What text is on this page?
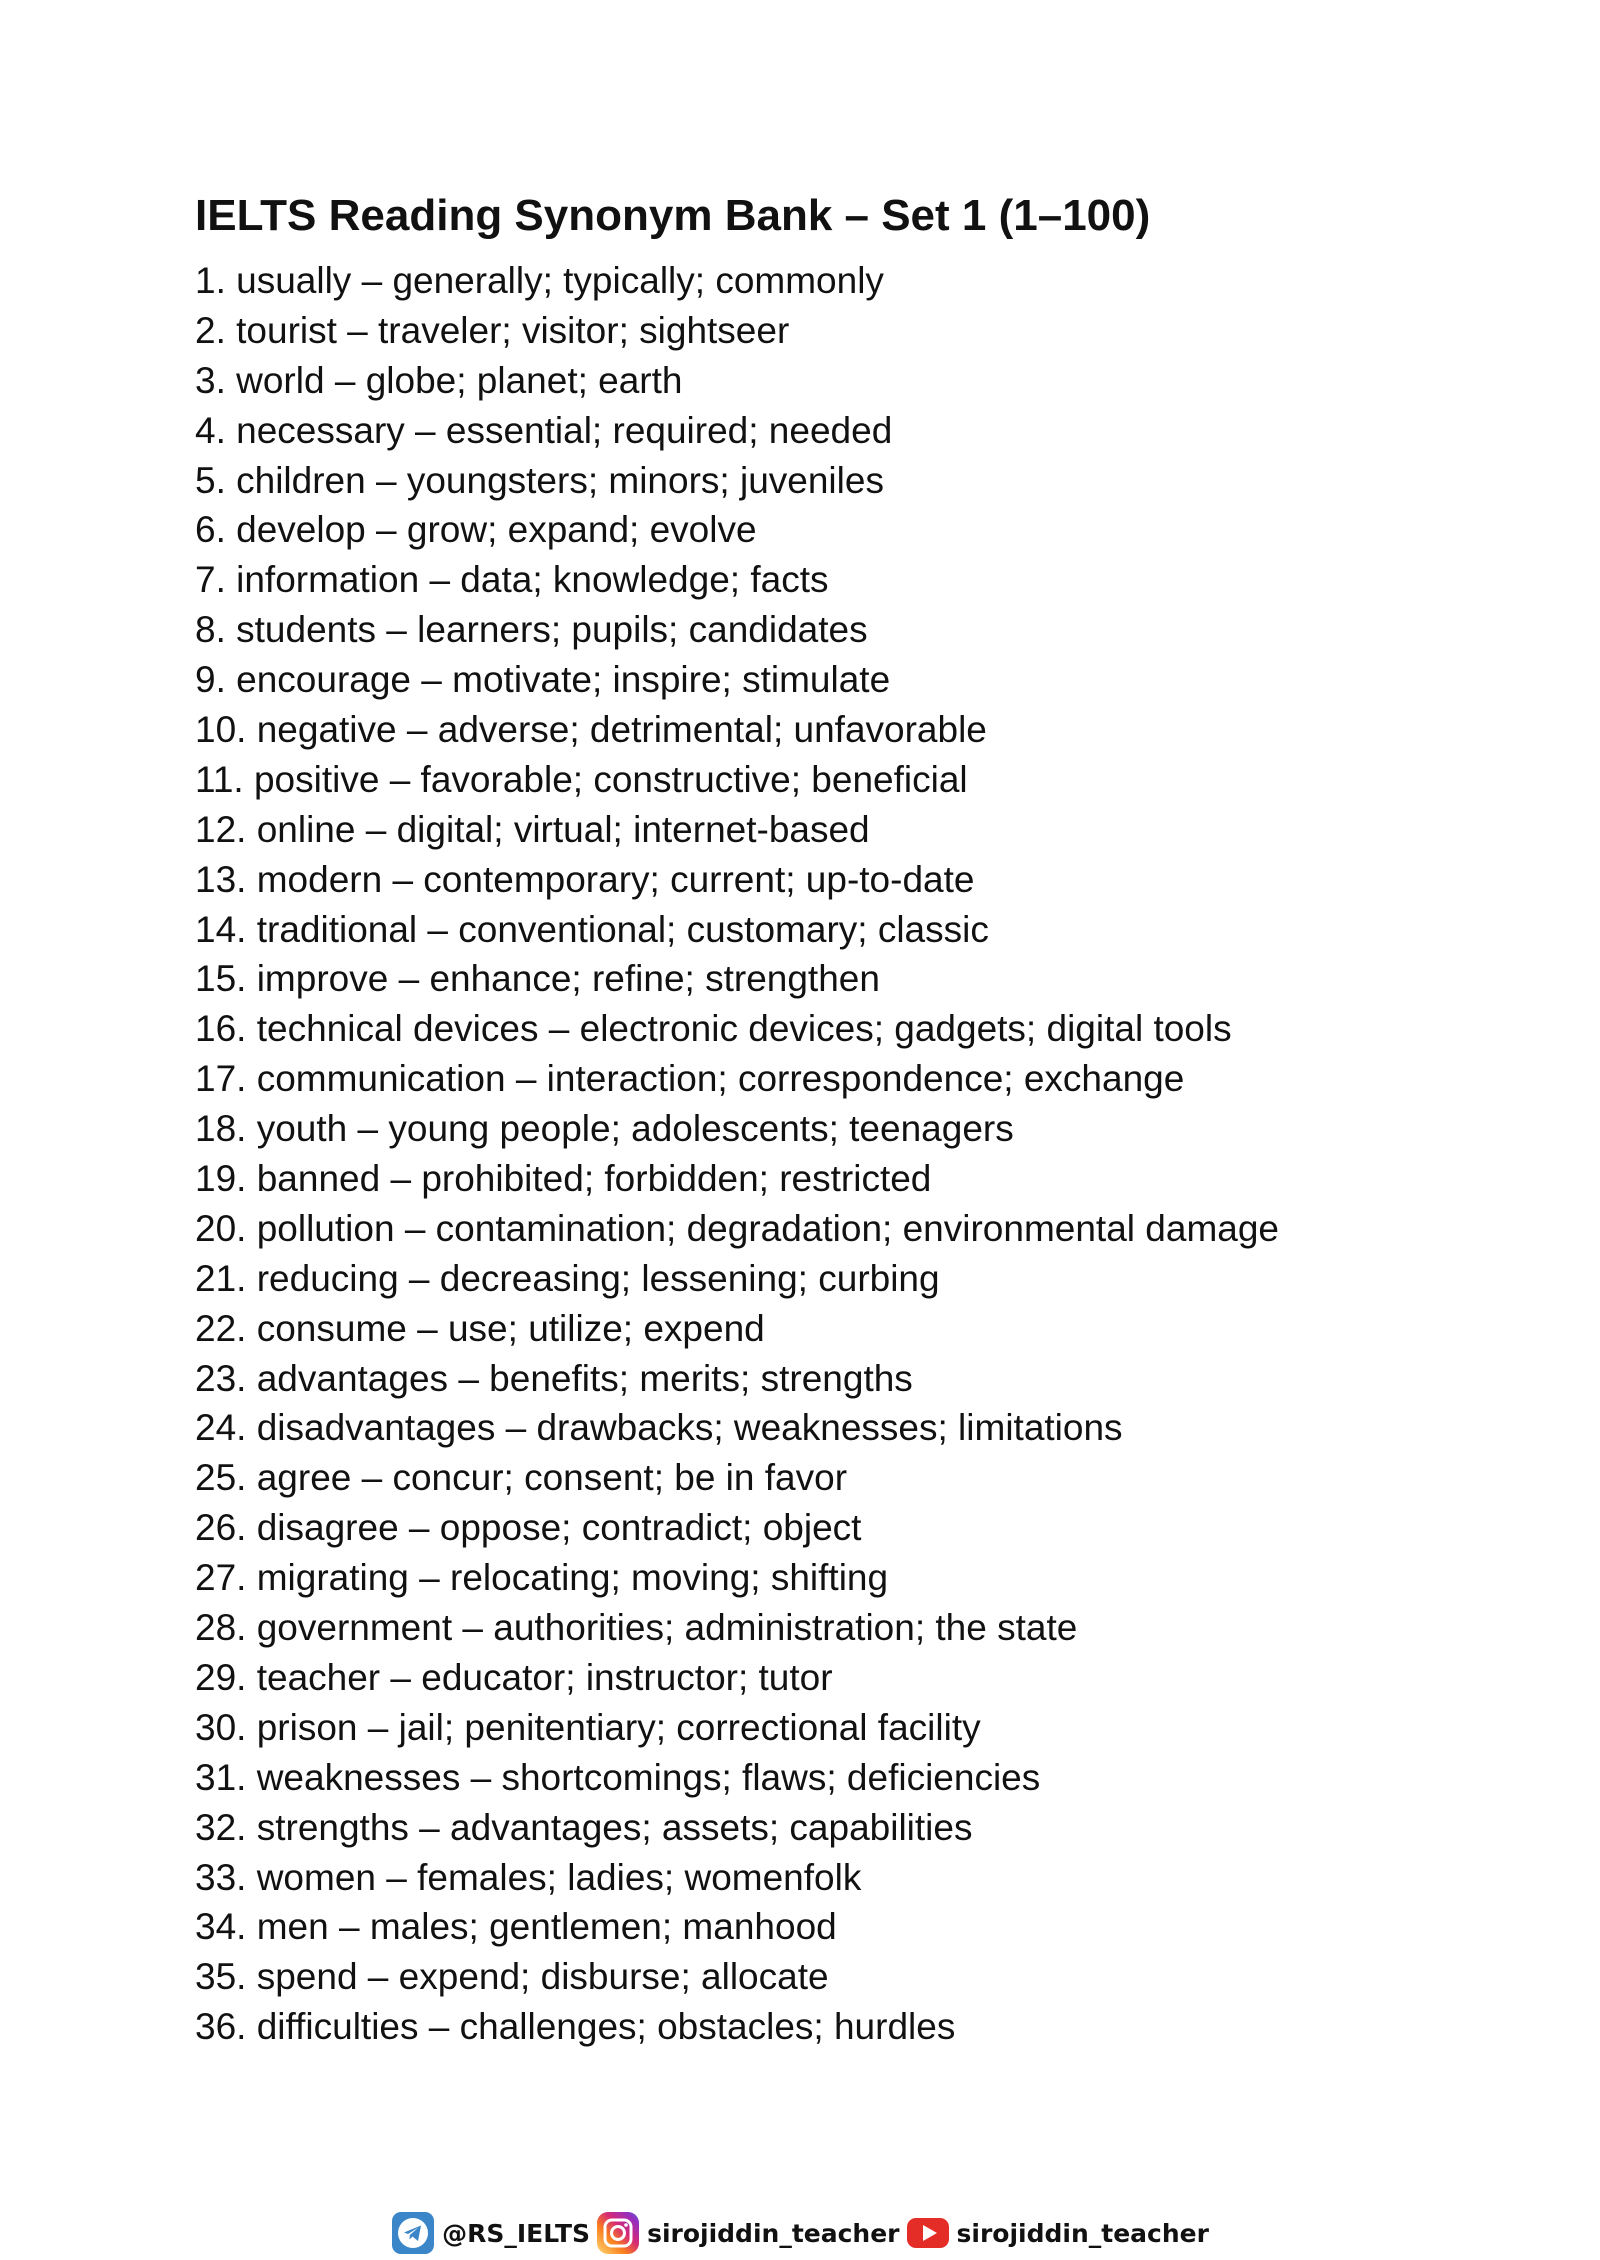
IELTS Reading Synonym Bank – Set 1 (1–100)
1. usually – generally; typically; commonly
2. tourist – traveler; visitor; sightseer
3. world – globe; planet; earth
4. necessary – essential; required; needed
5. children – youngsters; minors; juveniles
6. develop – grow; expand; evolve
7. information – data; knowledge; facts
8. students – learners; pupils; candidates
9. encourage – motivate; inspire; stimulate
10. negative – adverse; detrimental; unfavorable
11. positive – favorable; constructive; beneficial
12. online – digital; virtual; internet-based
13. modern – contemporary; current; up-to-date
14. traditional – conventional; customary; classic
15. improve – enhance; refine; strengthen
16. technical devices – electronic devices; gadgets; digital tools
17. communication – interaction; correspondence; exchange
18. youth – young people; adolescents; teenagers
19. banned – prohibited; forbidden; restricted
20. pollution – contamination; degradation; environmental damage
21. reducing – decreasing; lessening; curbing
22. consume – use; utilize; expend
23. advantages – benefits; merits; strengths
24. disadvantages – drawbacks; weaknesses; limitations
25. agree – concur; consent; be in favor
26. disagree – oppose; contradict; object
27. migrating – relocating; moving; shifting
28. government – authorities; administration; the state
29. teacher – educator; instructor; tutor
30. prison – jail; penitentiary; correctional facility
31. weaknesses – shortcomings; flaws; deficiencies
32. strengths – advantages; assets; capabilities
33. women – females; ladies; womenfolk
34. men – males; gentlemen; manhood
35. spend – expend; disburse; allocate
36. difficulties – challenges; obstacles; hurdles
@RS_IELTS sirojiddin_teacher sirojiddin_teacher
